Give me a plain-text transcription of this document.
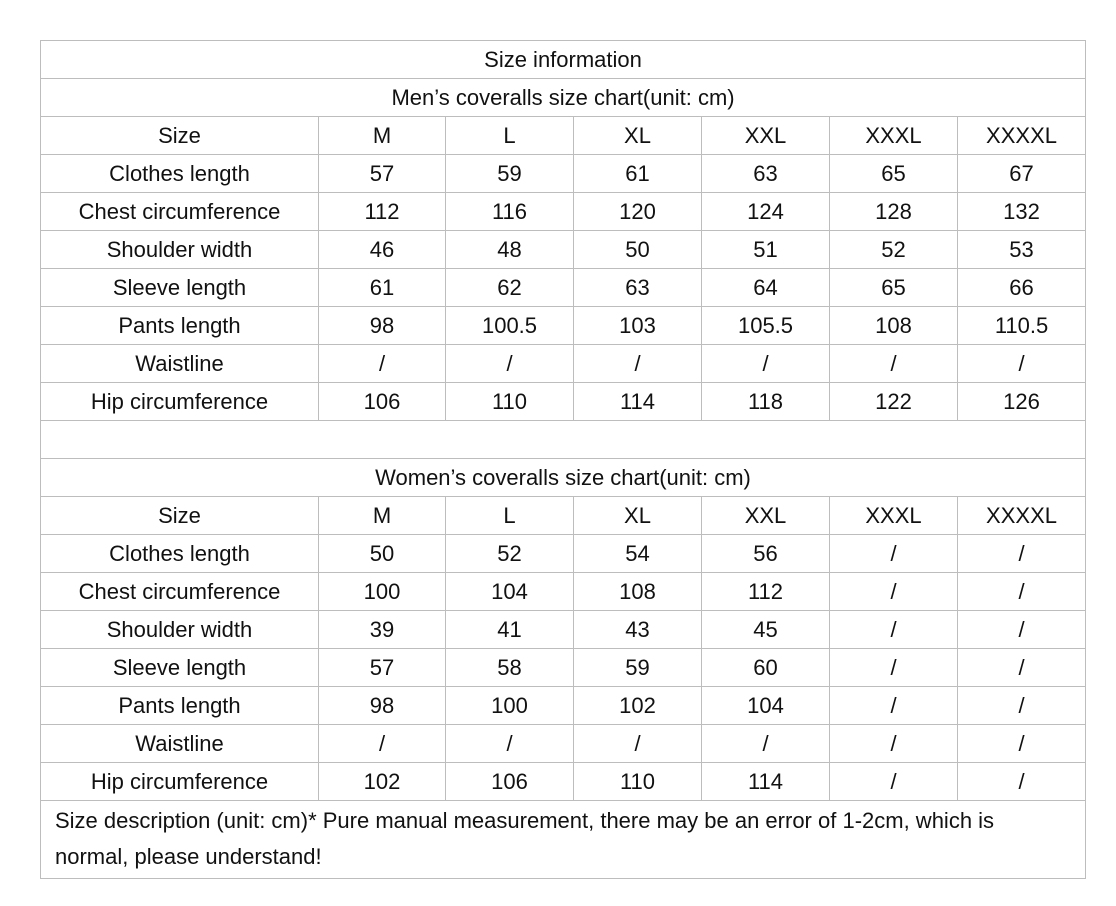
Size information						
Men’s coveralls size chart(unit: cm)						
Size	M	L	XL	XXL	XXXL	XXXXL
Clothes length	57	59	61	63	65	67
Chest circumference	112	116	120	124	128	132
Shoulder width	46	48	50	51	52	53
Sleeve length	61	62	63	64	65	66
Pants length	98	100.5	103	105.5	108	110.5
Waistline	/	/	/	/	/	/
Hip circumference	106	110	114	118	122	126

Women’s coveralls size chart(unit: cm)						
Size	M	L	XL	XXL	XXXL	XXXXL
Clothes length	50	52	54	56	/	/
Chest circumference	100	104	108	112	/	/
Shoulder width	39	41	43	45	/	/
Sleeve length	57	58	59	60	/	/
Pants length	98	100	102	104	/	/
Waistline	/	/	/	/	/	/
Hip circumference	102	106	110	114	/	/
Size description (unit: cm)* Pure manual measurement, there may be an error of 1-2cm, which is normal, please understand!						
